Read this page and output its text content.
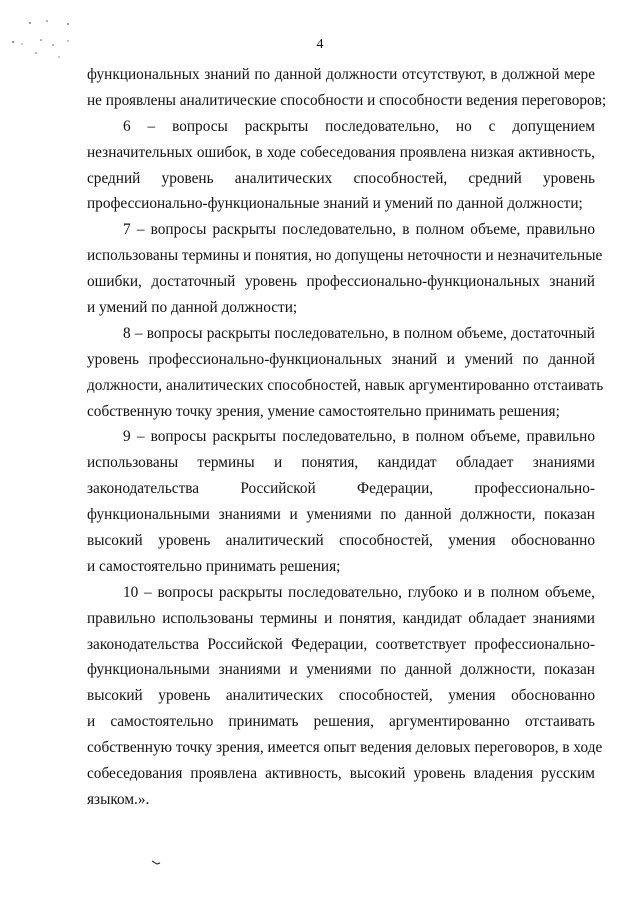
4
функциональных знаний по данной должности отсутствуют, в должной мере
не проявлены аналитические способности и способности ведения переговоров;
6 – вопросы раскрыты последовательно, но с допущением
незначительных ошибок, в ходе собеседования проявлена низкая активность,
средний уровень аналитических способностей, средний уровень
профессионально-функциональные знаний и умений по данной должности;
7 – вопросы раскрыты последовательно, в полном объеме, правильно
использованы термины и понятия, но допущены неточности и незначительные
ошибки, достаточный уровень профессионально-функциональных знаний
и умений по данной должности;
8 – вопросы раскрыты последовательно, в полном объеме, достаточный
уровень профессионально-функциональных знаний и умений по данной
должности, аналитических способностей, навык аргументированно отстаивать
собственную точку зрения, умение самостоятельно принимать решения;
9 – вопросы раскрыты последовательно, в полном объеме, правильно
использованы термины и понятия, кандидат обладает знаниями
законодательства Российской Федерации, профессионально-
функциональными знаниями и умениями по данной должности, показан
высокий уровень аналитический способностей, умения обоснованно
и самостоятельно принимать решения;
10 – вопросы раскрыты последовательно, глубоко и в полном объеме,
правильно использованы термины и понятия, кандидат обладает знаниями
законодательства Российской Федерации, соответствует профессионально-
функциональными знаниями и умениями по данной должности, показан
высокий уровень аналитических способностей, умения обоснованно
и самостоятельно принимать решения, аргументированно отстаивать
собственную точку зрения, имеется опыт ведения деловых переговоров, в ходе
собеседования проявлена активность, высокий уровень владения русским
языком.».
